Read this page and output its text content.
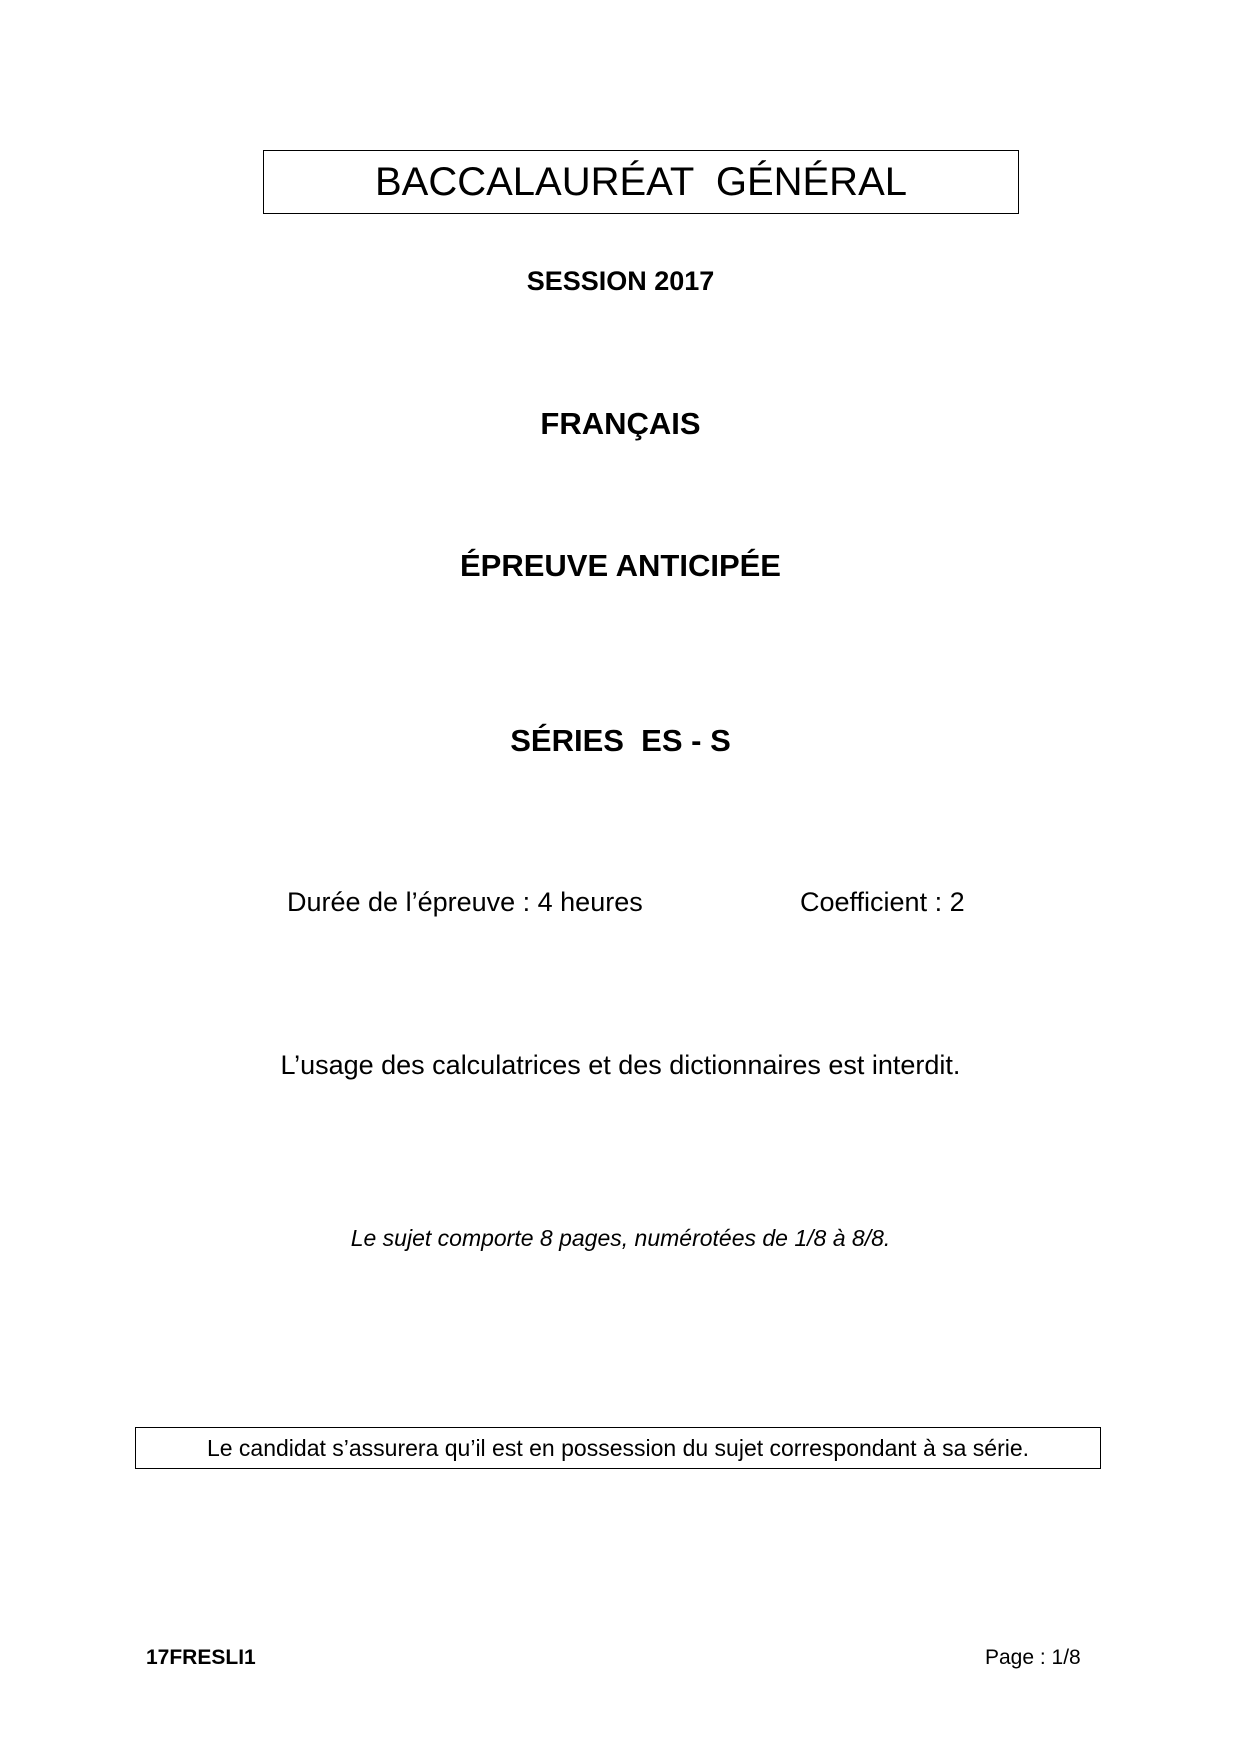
BACCALAURÉAT  GÉNÉRAL
SESSION 2017
FRANÇAIS
ÉPREUVE ANTICIPÉE
SÉRIES  ES - S
Durée de l’épreuve : 4 heures	Coefficient : 2
L’usage des calculatrices et des dictionnaires est interdit.
Le sujet comporte 8 pages, numérotées de 1/8 à 8/8.
Le candidat s’assurera qu’il est en possession du sujet correspondant à sa série.
17FRESLI1	Page : 1/8
